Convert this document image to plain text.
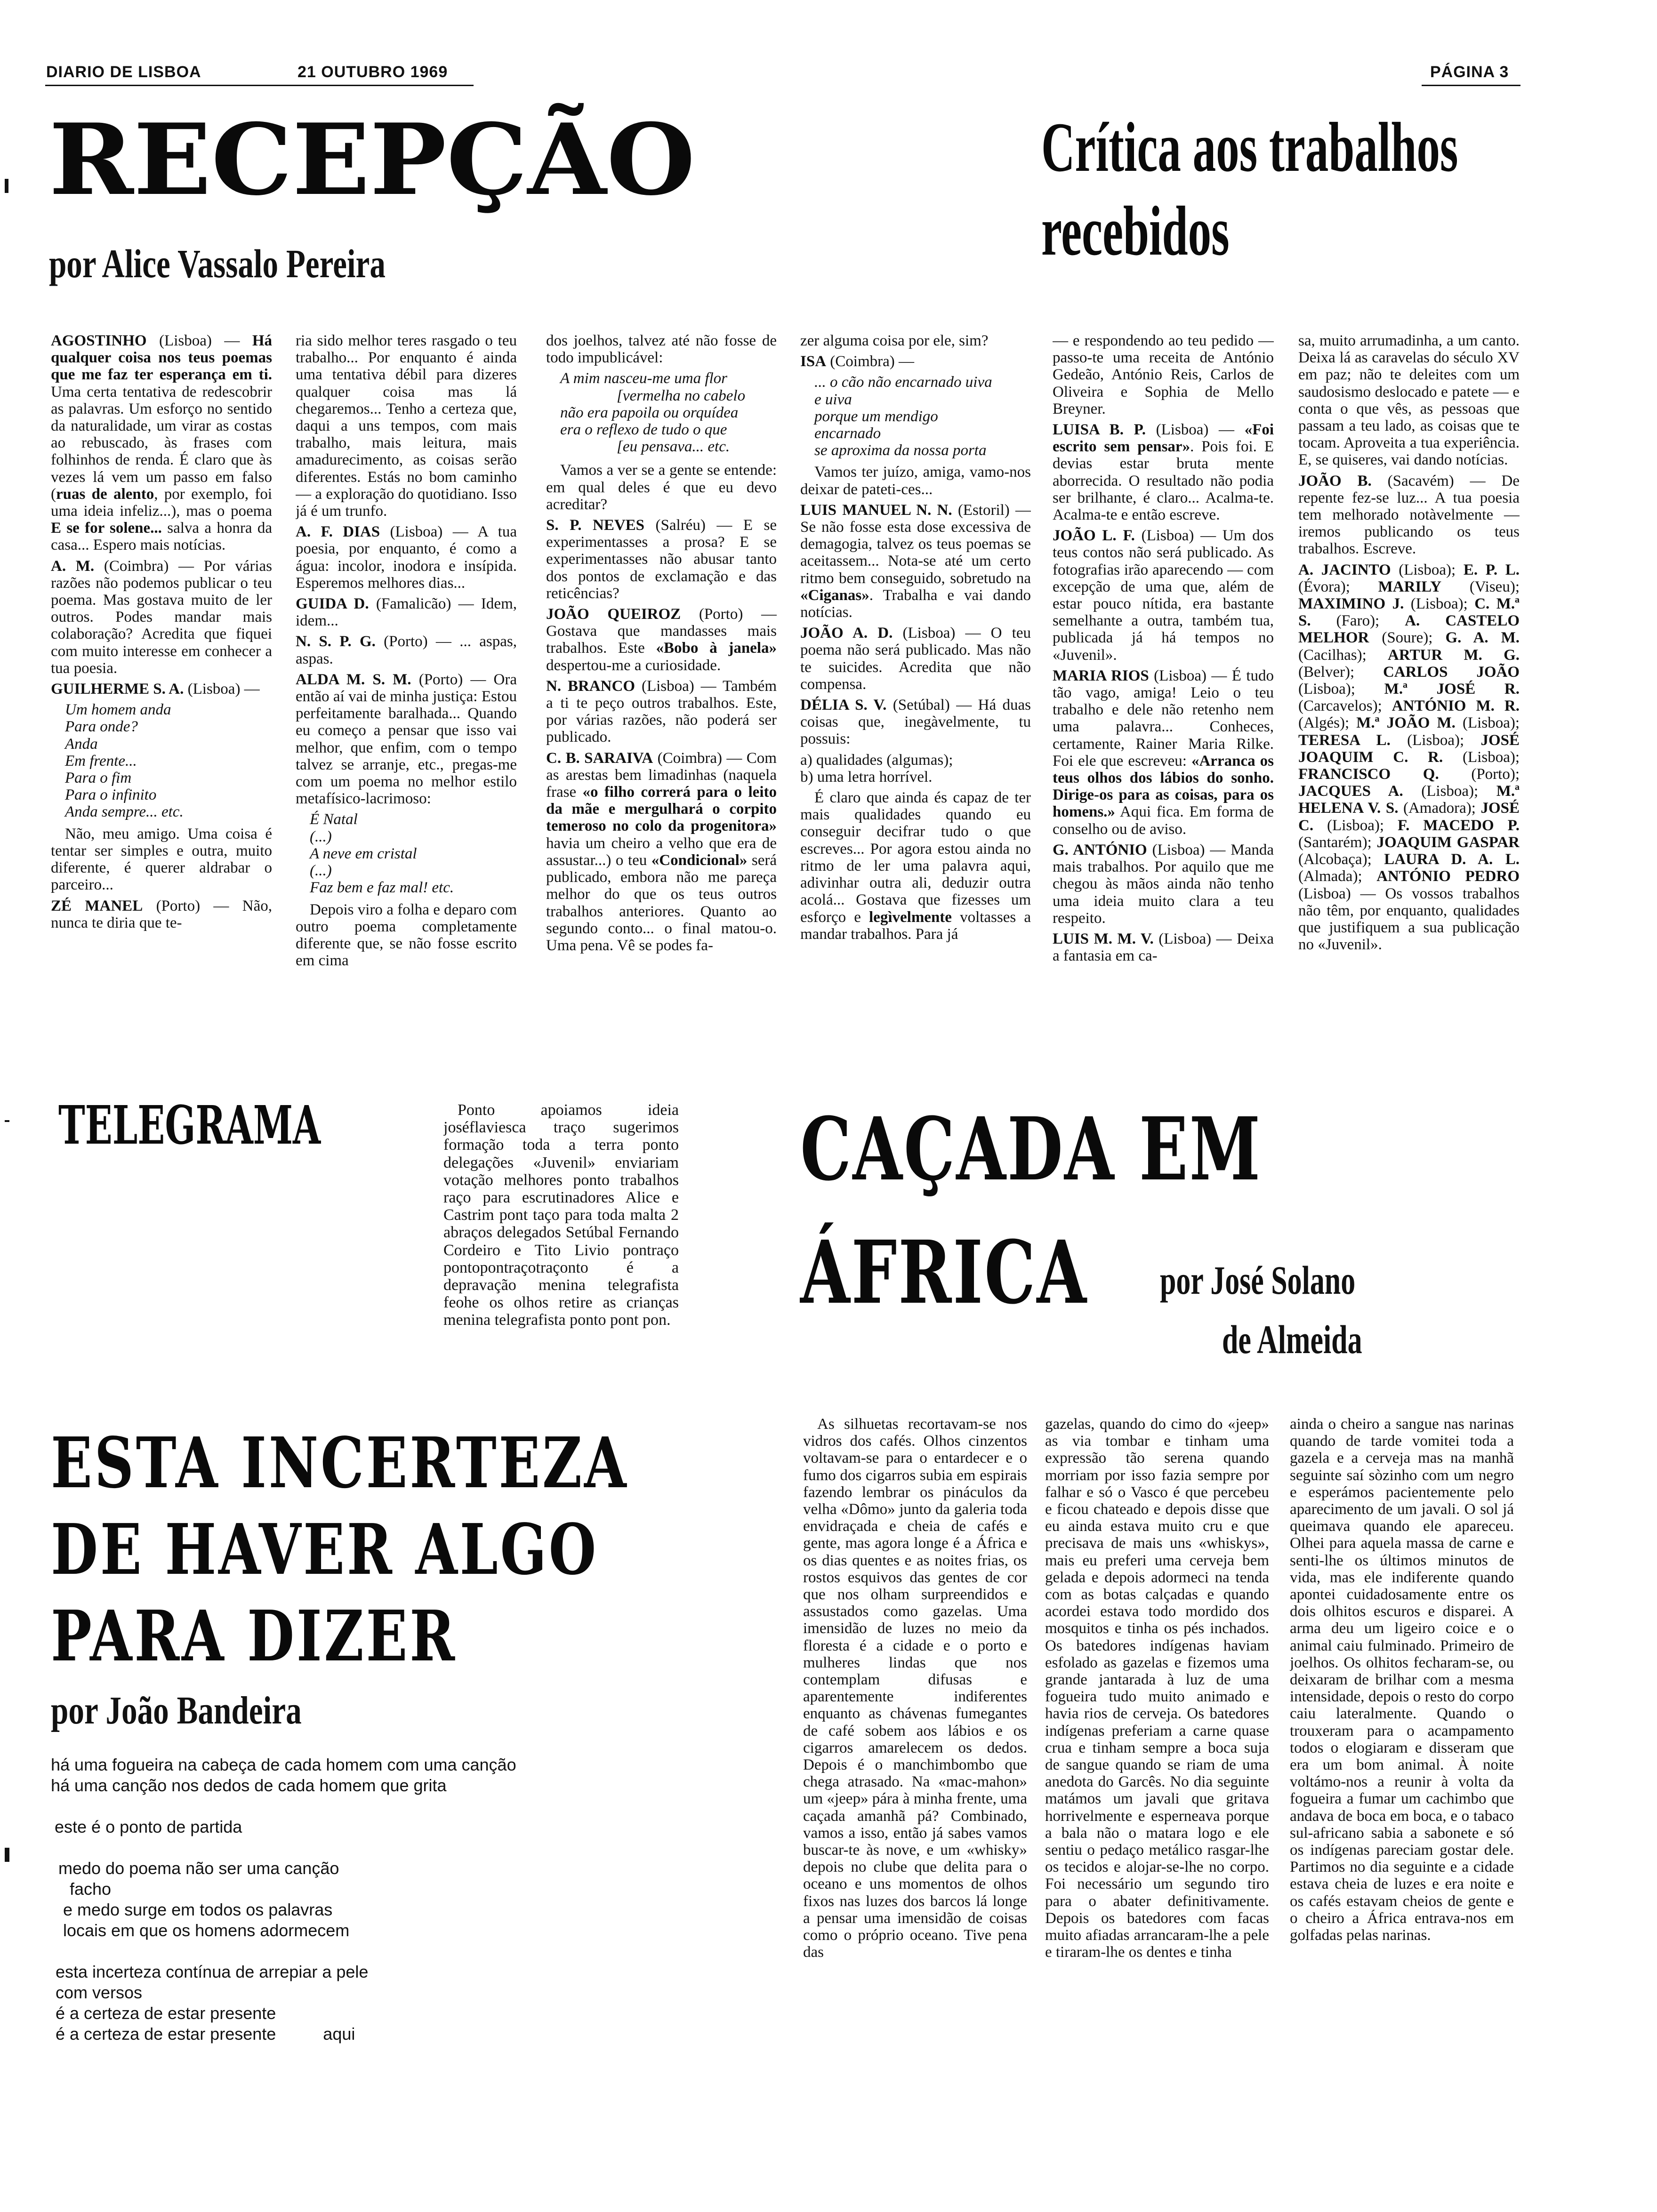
DIARIO DE LISBOA	21 OUTUBRO 1969	PÁGINA 3
RECEPÇÃO
por Alice Vassalo Pereira
Crítica aos trabalhos
recebidos

AGOSTINHO (Lisboa) — Há qualquer coisa nos teus poemas que me faz ter esperança em ti. Uma certa tentativa de redescobrir as palavras. Um esforço no sentido da naturalidade, um virar as costas ao rebuscado, às frases com folhinhos de renda. É claro que às vezes lá vem um passo em falso (ruas de alento, por exemplo, foi uma ideia infeliz...), mas o poema E se for solene... salva a honra da casa... Espero mais notícias.

A. M. (Coimbra) — Por várias razões não podemos publicar o teu poema. Mas gostava muito de ler outros. Podes mandar mais colaboração? Acredita que fiquei com muito interesse em conhecer a tua poesia.

GUILHERME S. A. (Lisboa) —

Um homem anda

Para onde?

Anda

Em frente...

Para o fim

Para o infinito

Anda sempre... etc.

Não, meu amigo. Uma coisa é tentar ser simples e outra, muito diferente, é querer aldrabar o parceiro...

ZÉ MANEL (Porto) — Não, nunca te diria que te-

ria sido melhor teres rasgado o teu trabalho... Por enquanto é ainda uma tentativa débil para dizeres qualquer coisa mas lá chegaremos... Tenho a certeza que, daqui a uns tempos, com mais trabalho, mais leitura, mais amadurecimento, as coisas serão diferentes. Estás no bom caminho — a exploração do quotidiano. Isso já é um trunfo.

A. F. DIAS (Lisboa) — A tua poesia, por enquanto, é como a água: incolor, inodora e insípida. Esperemos melhores dias...

GUIDA D. (Famalicão) — Idem, idem...

N. S. P. G. (Porto) — ... aspas, aspas.

ALDA M. S. M. (Porto) — Ora então aí vai de minha justiça: Estou perfeitamente baralhada... Quando eu começo a pensar que isso vai melhor, que enfim, com o tempo talvez se arranje, etc., pregas-me com um poema no melhor estilo metafísico-lacrimoso:

É Natal

(...)

A neve em cristal

(...)

Faz bem e faz mal! etc.

Depois viro a folha e deparo com outro poema completamente diferente que, se não fosse escrito em cima

dos joelhos, talvez até não fosse de todo impublicável:

A mim nasceu-me uma flor

[vermelha no cabelo

não era papoila ou orquídea

era o reflexo de tudo o que

[eu pensava... etc.

Vamos a ver se a gente se entende: em qual deles é que eu devo acreditar?

S. P. NEVES (Salréu) — E se experimentasses a prosa? E se experimentasses não abusar tanto dos pontos de exclamação e das reticências?

JOÃO QUEIROZ (Porto) — Gostava que mandasses mais trabalhos. Este «Bobo à janela» despertou-me a curiosidade.

N. BRANCO (Lisboa) — Também a ti te peço outros trabalhos. Este, por várias razões, não poderá ser publicado.

C. B. SARAIVA (Coimbra) — Com as arestas bem limadinhas (naquela frase «o filho correrá para o leito da mãe e mergulhará o corpito temeroso no colo da progenitora» havia um cheiro a velho que era de assustar...) o teu «Condicional» será publicado, embora não me pareça melhor do que os teus outros trabalhos anteriores. Quanto ao segundo conto... o final matou-o. Uma pena. Vê se podes fa-

zer alguma coisa por ele, sim?

ISA (Coimbra) —

... o cão não encarnado uiva

e uiva

porque um mendigo

encarnado

se aproxima da nossa porta

Vamos ter juízo, amiga, vamo-nos deixar de pateti-ces...

LUIS MANUEL N. N. (Estoril) — Se não fosse esta dose excessiva de demagogia, talvez os teus poemas se aceitassem... Nota-se até um certo ritmo bem conseguido, sobretudo na «Ciganas». Trabalha e vai dando notícias.

JOÃO A. D. (Lisboa) — O teu poema não será publicado. Mas não te suicides. Acredita que não compensa.

DÉLIA S. V. (Setúbal) — Há duas coisas que, inegàvelmente, tu possuis:

a) qualidades (algumas);
b) uma letra horrível.

É claro que ainda és capaz de ter mais qualidades quando eu conseguir decifrar tudo o que escreves... Por agora estou ainda no ritmo de ler uma palavra aqui, adivinhar outra ali, deduzir outra acolá... Gostava que fizesses um esforço e legìvelmente voltasses a mandar trabalhos. Para já

— e respondendo ao teu pedido — passo-te uma receita de António Gedeão, António Reis, Carlos de Oliveira e Sophia de Mello Breyner.

LUISA B. P. (Lisboa) — «Foi escrito sem pensar». Pois foi. E devias estar bruta mente aborrecida. O resultado não podia ser brilhante, é claro... Acalma-te. Acalma-te e então escreve.

JOÃO L. F. (Lisboa) — Um dos teus contos não será publicado. As fotografias irão aparecendo — com excepção de uma que, além de estar pouco nítida, era bastante semelhante a outra, também tua, publicada já há tempos no «Juvenil».

MARIA RIOS (Lisboa) — É tudo tão vago, amiga! Leio o teu trabalho e dele não retenho nem uma palavra... Conheces, certamente, Rainer Maria Rilke. Foi ele que escreveu: «Arranca os teus olhos dos lábios do sonho. Dirige-os para as coisas, para os homens.» Aqui fica. Em forma de conselho ou de aviso.

G. ANTÓNIO (Lisboa) — Manda mais trabalhos. Por aquilo que me chegou às mãos ainda não tenho uma ideia muito clara a teu respeito.

LUIS M. M. V. (Lisboa) — Deixa a fantasia em ca-

sa, muito arrumadinha, a um canto. Deixa lá as caravelas do século XV em paz; não te deleites com um saudosismo deslocado e patete — e conta o que vês, as pessoas que passam a teu lado, as coisas que te tocam. Aproveita a tua experiência. E, se quiseres, vai dando notícias.

JOÃO B. (Sacavém) — De repente fez-se luz... A tua poesia tem melhorado notàvelmente — iremos publicando os teus trabalhos. Escreve.

A. JACINTO (Lisboa); E. P. L. (Évora); MARILY (Viseu); MAXIMINO J. (Lisboa); C. M.ª S. (Faro); A. CASTELO MELHOR (Soure); G. A. M. (Cacilhas); ARTUR M. G. (Belver); CARLOS JOÃO (Lisboa); M.ª JOSÉ R. (Carcavelos); ANTÓNIO M. R. (Algés); M.ª JOÃO M. (Lisboa); TERESA L. (Lisboa); JOSÉ JOAQUIM C. R. (Lisboa); FRANCISCO Q. (Porto); JACQUES A. (Lisboa); M.ª HELENA V. S. (Amadora); JOSÉ C. (Lisboa); F. MACEDO P. (Santarém); JOAQUIM GASPAR (Alcobaça); LAURA D. A. L. (Almada); ANTÓNIO PEDRO (Lisboa) — Os vossos trabalhos não têm, por enquanto, qualidades que justifiquem a sua publicação no «Juvenil».

TELEGRAMA	Ponto apoiamos ideia joséflaviesca traço sugerimos formação toda a terra ponto delegações «Juvenil» enviariam votação melhores ponto trabalhos raço para escrutinadores Alice e Castrim pont taço para toda malta 2 abraços delegados Setúbal Fernando Cordeiro e Tito Livio pontraço pontopontraçotraçonto é a depravação menina telegrafista feohe os olhos retire as crianças menina telegrafista ponto pont pon.

ESTA INCERTEZA
DE HAVER ALGO
PARA DIZER
por João Bandeira
há uma fogueira na cabeça de cada homem com uma canção
há uma canção nos dedos de cada homem que grita
este é o ponto de partida
medo do poema não ser uma canção
facho
e medo surge em todos os palavras
locais em que os homens adormecem
esta incerteza contínua de arrepiar a pele
com versos
é a certeza de estar presente
é a certeza de estar presente          aqui
CAÇADA EM
ÁFRICA	por José Solano
de Almeida

As silhuetas recortavam-se nos vidros dos cafés. Olhos cinzentos voltavam-se para o entardecer e o fumo dos cigarros subia em espirais fazendo lembrar os pináculos da velha «Dômo» junto da galeria toda envidraçada e cheia de cafés e gente, mas agora longe é a África e os dias quentes e as noites frias, os rostos esquivos das gentes de cor que nos olham surpreendidos e assustados como gazelas. Uma imensidão de luzes no meio da floresta é a cidade e o porto e mulheres lindas que nos contemplam difusas e aparentemente indiferentes enquanto as chávenas fumegantes de café sobem aos lábios e os cigarros amarelecem os dedos. Depois é o manchimbombo que chega atrasado. Na «mac-mahon» um «jeep» pára à minha frente, uma caçada amanhã pá? Combinado, vamos a isso, então já sabes vamos buscar-te às nove, e um «whisky» depois no clube que delita para o oceano e uns momentos de olhos fixos nas luzes dos barcos lá longe a pensar uma imensidão de coisas como o próprio oceano. Tive pena das

gazelas, quando do cimo do «jeep» as via tombar e tinham uma expressão tão serena quando morriam por isso fazia sempre por falhar e só o Vasco é que percebeu e ficou chateado e depois disse que eu ainda estava muito cru e que precisava de mais uns «whiskys», mais eu preferi uma cerveja bem gelada e depois adormeci na tenda com as botas calçadas e quando acordei estava todo mordido dos mosquitos e tinha os pés inchados. Os batedores indígenas haviam esfolado as gazelas e fizemos uma grande jantarada à luz de uma fogueira tudo muito animado e havia rios de cerveja. Os batedores indígenas preferiam a carne quase crua e tinham sempre a boca suja de sangue quando se riam de uma anedota do Garcês. No dia seguinte matámos um javali que gritava horrivelmente e esperneava porque a bala não o matara logo e ele sentiu o pedaço metálico rasgar-lhe os tecidos e alojar-se-lhe no corpo. Foi necessário um segundo tiro para o abater definitivamente. Depois os batedores com facas muito afiadas arrancaram-lhe a pele e tiraram-lhe os dentes e tinha

ainda o cheiro a sangue nas narinas quando de tarde vomitei toda a gazela e a cerveja mas na manhã seguinte saí sòzinho com um negro e esperámos pacientemente pelo aparecimento de um javali. O sol já queimava quando ele apareceu. Olhei para aquela massa de carne e senti-lhe os últimos minutos de vida, mas ele indiferente quando apontei cuidadosamente entre os dois olhitos escuros e disparei. A arma deu um ligeiro coice e o animal caiu fulminado. Primeiro de joelhos. Os olhitos fecharam-se, ou deixaram de brilhar com a mesma intensidade, depois o resto do corpo caiu lateralmente. Quando o trouxeram para o acampamento todos o elogiaram e disseram que era um bom animal. À noite voltámo-nos a reunir à volta da fogueira a fumar um cachimbo que andava de boca em boca, e o tabaco sul-africano sabia a sabonete e só os indígenas pareciam gostar dele. Partimos no dia seguinte e a cidade estava cheia de luzes e era noite e os cafés estavam cheios de gente e o cheiro a África entrava-nos em golfadas pelas narinas.
